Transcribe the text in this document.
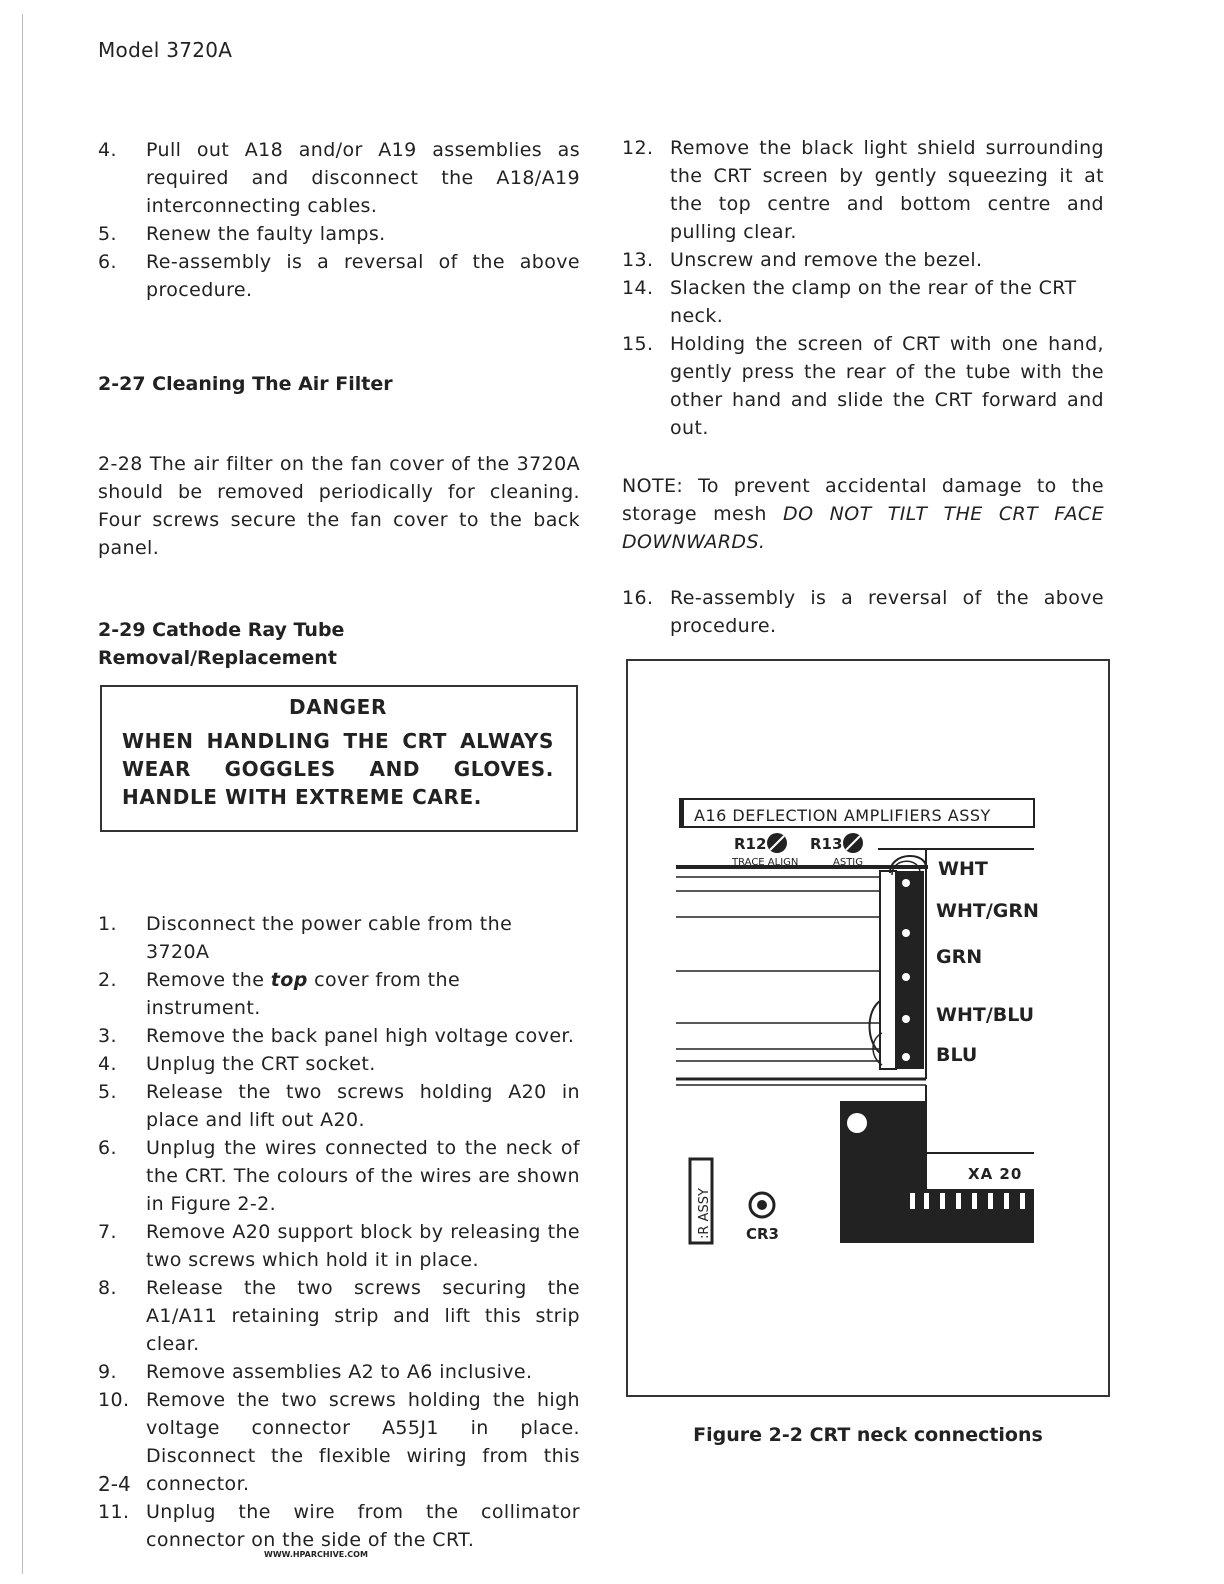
Model 3720A
4. Pull out A18 and/or A19 assemblies as required and disconnect the A18/A19 interconnecting cables.
5. Renew the faulty lamps.
6. Re-assembly is a reversal of the above procedure.
2-27 Cleaning The Air Filter
2-28 The air filter on the fan cover of the 3720A should be removed periodically for cleaning. Four screws secure the fan cover to the back panel.
2-29 Cathode Ray Tube Removal/Replacement
DANGER
WHEN HANDLING THE CRT ALWAYS WEAR GOGGLES AND GLOVES. HANDLE WITH EXTREME CARE.
1. Disconnect the power cable from the 3720A
2. Remove the top cover from the instrument.
3. Remove the back panel high voltage cover.
4. Unplug the CRT socket.
5. Release the two screws holding A20 in place and lift out A20.
6. Unplug the wires connected to the neck of the CRT. The colours of the wires are shown in Figure 2-2.
7. Remove A20 support block by releasing the two screws which hold it in place.
8. Release the two screws securing the A1/A11 retaining strip and lift this strip clear.
9. Remove assemblies A2 to A6 inclusive.
10. Remove the two screws holding the high voltage connector A55J1 in place. Disconnect the flexible wiring from this connector.
11. Unplug the wire from the collimator connector on the side of the CRT.
12. Remove the black light shield surrounding the CRT screen by gently squeezing it at the top centre and bottom centre and pulling clear.
13. Unscrew and remove the bezel.
14. Slacken the clamp on the rear of the CRT neck.
15. Holding the screen of CRT with one hand, gently press the rear of the tube with the other hand and slide the CRT forward and out.
NOTE: To prevent accidental damage to the storage mesh DO NOT TILT THE CRT FACE DOWNWARDS.
16. Re-assembly is a reversal of the above procedure.
A16 DEFLECTION AMPLIFIERS ASSY
R12	R13
TRACE ALIGN	ASTIG	WHT
WHT/GRN
GRN
WHT/BLU
BLU
XA 20
:R ASSY CR3
Figure 2-2 CRT neck connections
2-4
WWW.HPARCHIVE.COM
